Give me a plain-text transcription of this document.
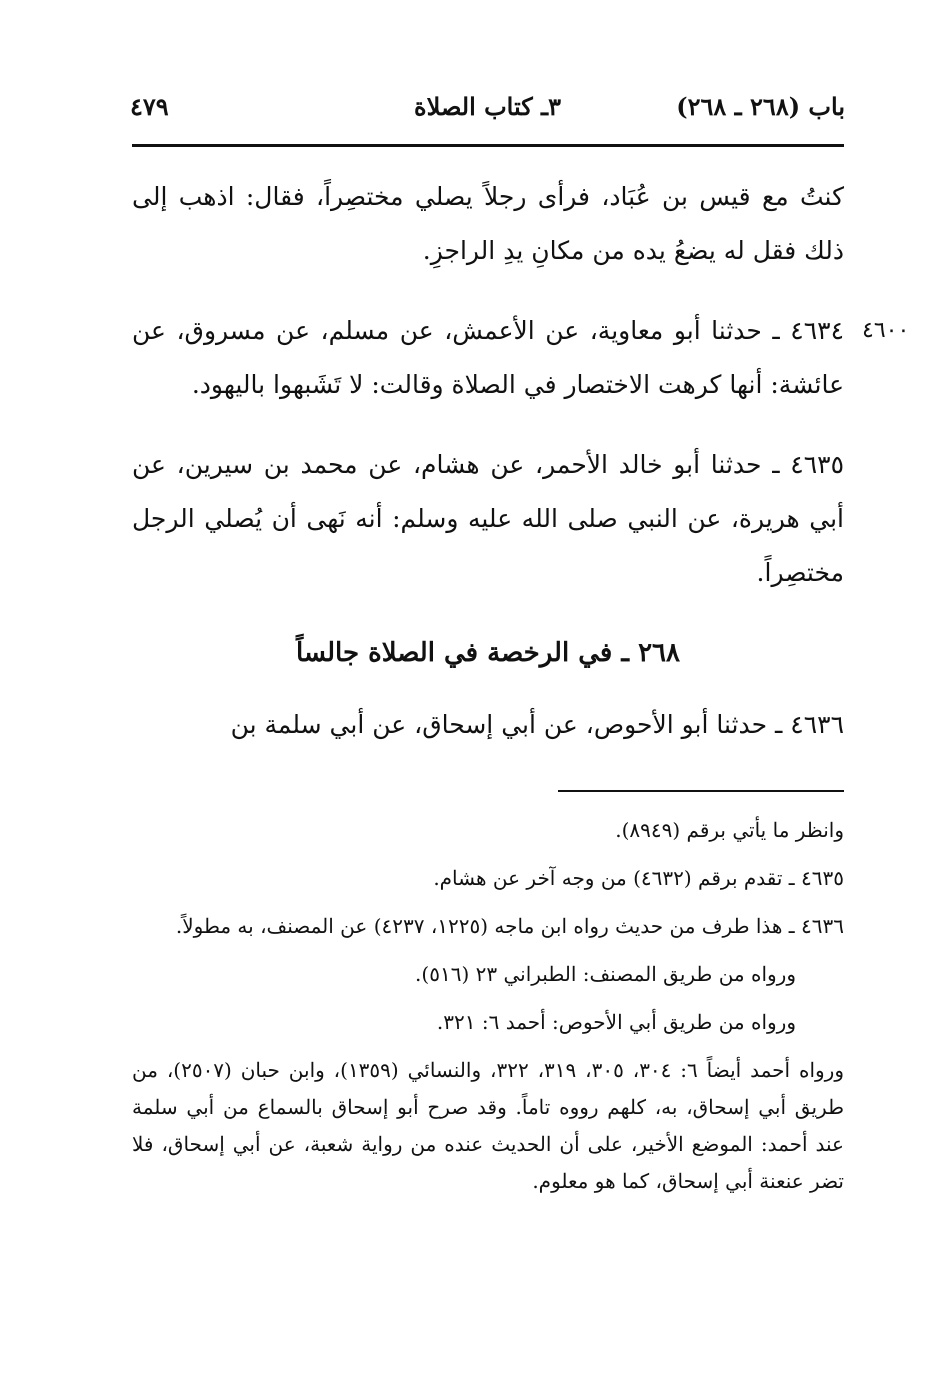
باب (٢٦٨ ـ ٢٦٨)
٣ـ كتاب الصلاة
٤٧٩
٤٦٠٠

كنتُ مع قيس بن عُبَاد، فرأى رجلاً يصلي مختصِراً، فقال: اذهب إلى ذلك فقل له يضعُ يده من مكانِ يدِ الراجزِ.

٤٦٣٤ ـ حدثنا أبو معاوية، عن الأعمش، عن مسلم، عن مسروق، عن عائشة: أنها كرهت الاختصار في الصلاة وقالت: لا تَشَبهوا باليهود.

٤٦٣٥ ـ حدثنا أبو خالد الأحمر، عن هشام، عن محمد بن سيرين، عن أبي هريرة، عن النبي صلى الله عليه وسلم: أنه نَهى أن يُصلي الرجل مختصِراً.

٢٦٨ ـ في الرخصة في الصلاة جالساً

٤٦٣٦ ـ حدثنا أبو الأحوص، عن أبي إسحاق، عن أبي سلمة بن

وانظر ما يأتي برقم (٨٩٤٩).

٤٦٣٥ ـ تقدم برقم (٤٦٣٢) من وجه آخر عن هشام.

٤٦٣٦ ـ هذا طرف من حديث رواه ابن ماجه (١٢٢٥، ٤٢٣٧) عن المصنف، به مطولاً.

ورواه من طريق المصنف: الطبراني ٢٣ (٥١٦).

ورواه من طريق أبي الأحوص: أحمد ٦: ٣٢١.

ورواه أحمد أيضاً ٦: ٣٠٤، ٣٠٥، ٣١٩، ٣٢٢، والنسائي (١٣٥٩)، وابن حبان (٢٥٠٧)، من طريق أبي إسحاق، به، كلهم رووه تاماً. وقد صرح أبو إسحاق بالسماع من أبي سلمة عند أحمد: الموضع الأخير، على أن الحديث عنده من رواية شعبة، عن أبي إسحاق، فلا تضر عنعنة أبي إسحاق، كما هو معلوم.
